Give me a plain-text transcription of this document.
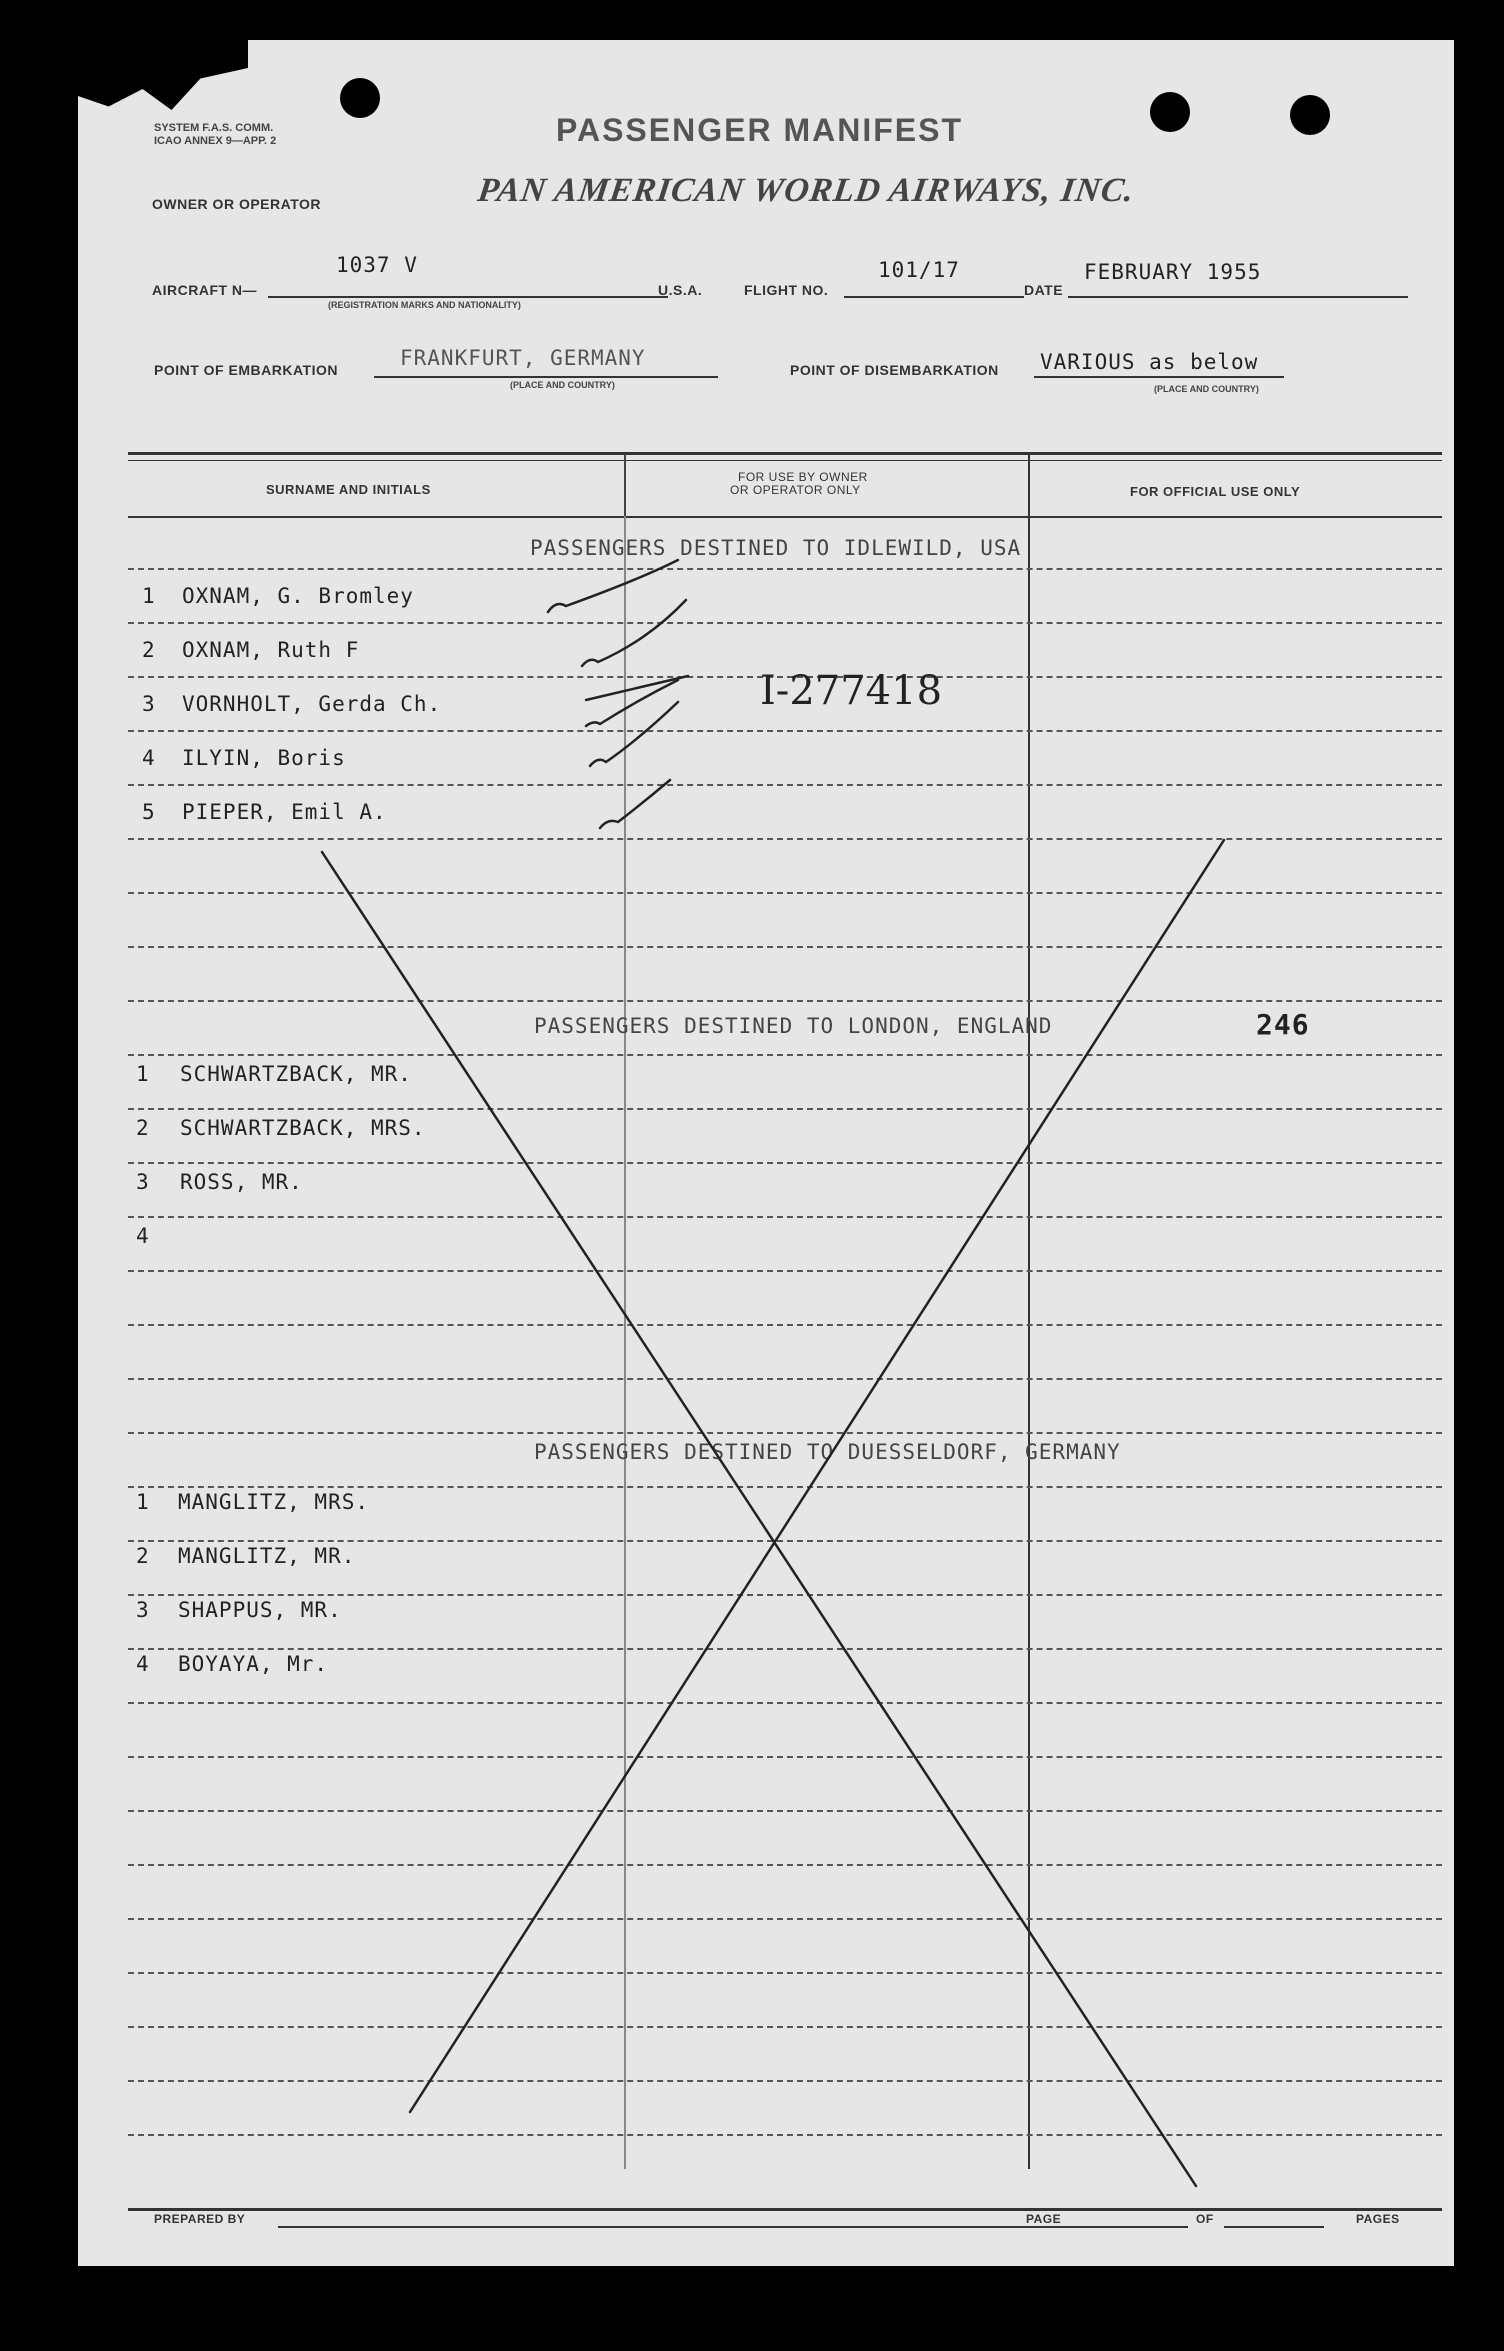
SYSTEM F.A.S. COMM.
ICAO ANNEX 9—APP. 2	PASSENGER MANIFEST
OWNER OR OPERATOR	PAN AMERICAN WORLD AIRWAYS, INC.
AIRCRAFT N—
1037 V
(REGISTRATION MARKS AND NATIONALITY)
U.S.A.	FLIGHT NO.
101/17
DATE
FEBRUARY 1955
POINT OF EMBARKATION	FRANKFURT, GERMANY
(PLACE AND COUNTRY)
POINT OF DISEMBARKATION VARIOUS as below
(PLACE AND COUNTRY)
SURNAME AND INITIALS
FOR USE BY OWNER
OR OPERATOR ONLY	FOR OFFICIAL USE ONLY
PASSENGERS DESTINED TO IDLEWILD, USA
1 OXNAM, G. Bromley
2 OXNAM, Ruth F
3 VORNHOLT, Gerda Ch.
4 ILYIN, Boris
5 PIEPER, Emil A.
I-277418
PASSENGERS DESTINED TO LONDON, ENGLAND	246
1 SCHWARTZBACK, MR.
2 SCHWARTZBACK, MRS.
3 ROSS, MR.
4
PASSENGERS DESTINED TO DUESSELDORF, GERMANY
1 MANGLITZ, MRS.
2 MANGLITZ, MR.
3 SHAPPUS, MR.
4 BOYAYA, Mr.
PREPARED BY	PAGE	OF	PAGES
